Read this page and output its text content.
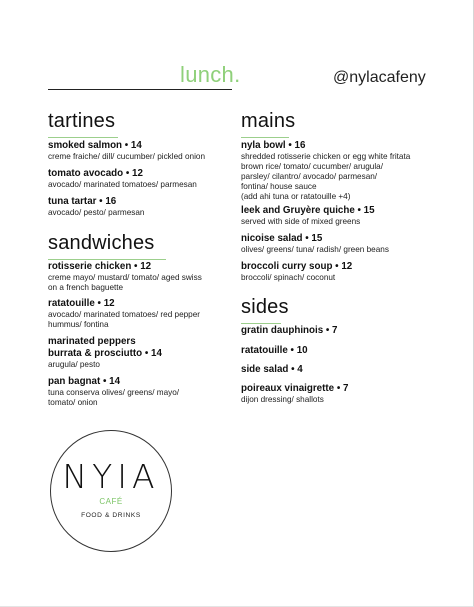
lunch.	@nylacafeny
tartines
smoked salmon • 14
creme fraiche/ dill/ cucumber/ pickled onion
tomato avocado • 12
avocado/ marinated tomatoes/ parmesan
tuna tartar • 16
avocado/ pesto/ parmesan
sandwiches
rotisserie chicken • 12
creme mayo/ mustard/ tomato/ aged swiss
on a french baguette
ratatouille • 12
avocado/ marinated tomatoes/ red pepper
hummus/ fontina
marinated peppers
burrata & prosciutto • 14
arugula/ pesto
pan bagnat • 14
tuna conserva olives/ greens/ mayo/
tomato/ onion
mains
nyla bowl • 16
shredded rotisserie chicken or egg white fritata
brown rice/ tomato/ cucumber/ arugula/
parsley/ cilantro/ avocado/ parmesan/
fontina/ house sauce
(add ahi tuna or ratatouille +4)
leek and Gruyère quiche • 15
served with side of mixed greens
nicoise salad • 15
olives/ greens/ tuna/ radish/ green beans
broccoli curry soup • 12
broccoli/ spinach/ coconut
sides
gratin dauphinois • 7
ratatouille • 10
side salad • 4
poireaux vinaigrette • 7
dijon dressing/ shallots
NYIA
CAFÉ
FOOD & DRINKS
